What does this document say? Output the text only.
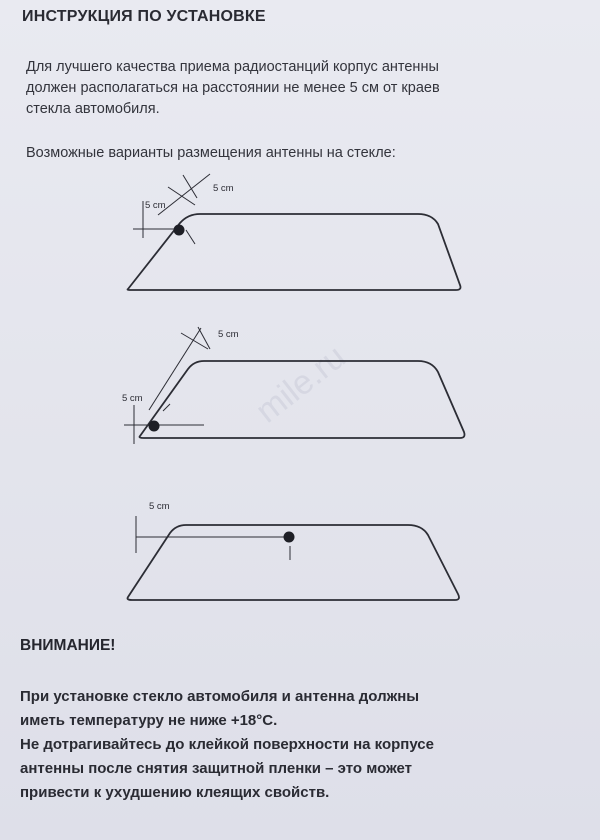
ИНСТРУКЦИЯ ПО УСТАНОВКЕ
Для лучшего качества приема радиостанций корпус антенны
должен располагаться на расстоянии не менее 5 см от краев
стекла автомобиля.
Возможные варианты размещения антенны на стекле:
mile.ru
5 cm
5 cm
5 cm
5 cm
5 cm
ВНИМАНИЕ!
При установке стекло автомобиля и антенна должны
иметь температуру не ниже +18°C.
Не дотрагивайтесь до клейкой поверхности на корпусе
антенны после снятия защитной пленки – это может
привести к ухудшению клеящих свойств.
